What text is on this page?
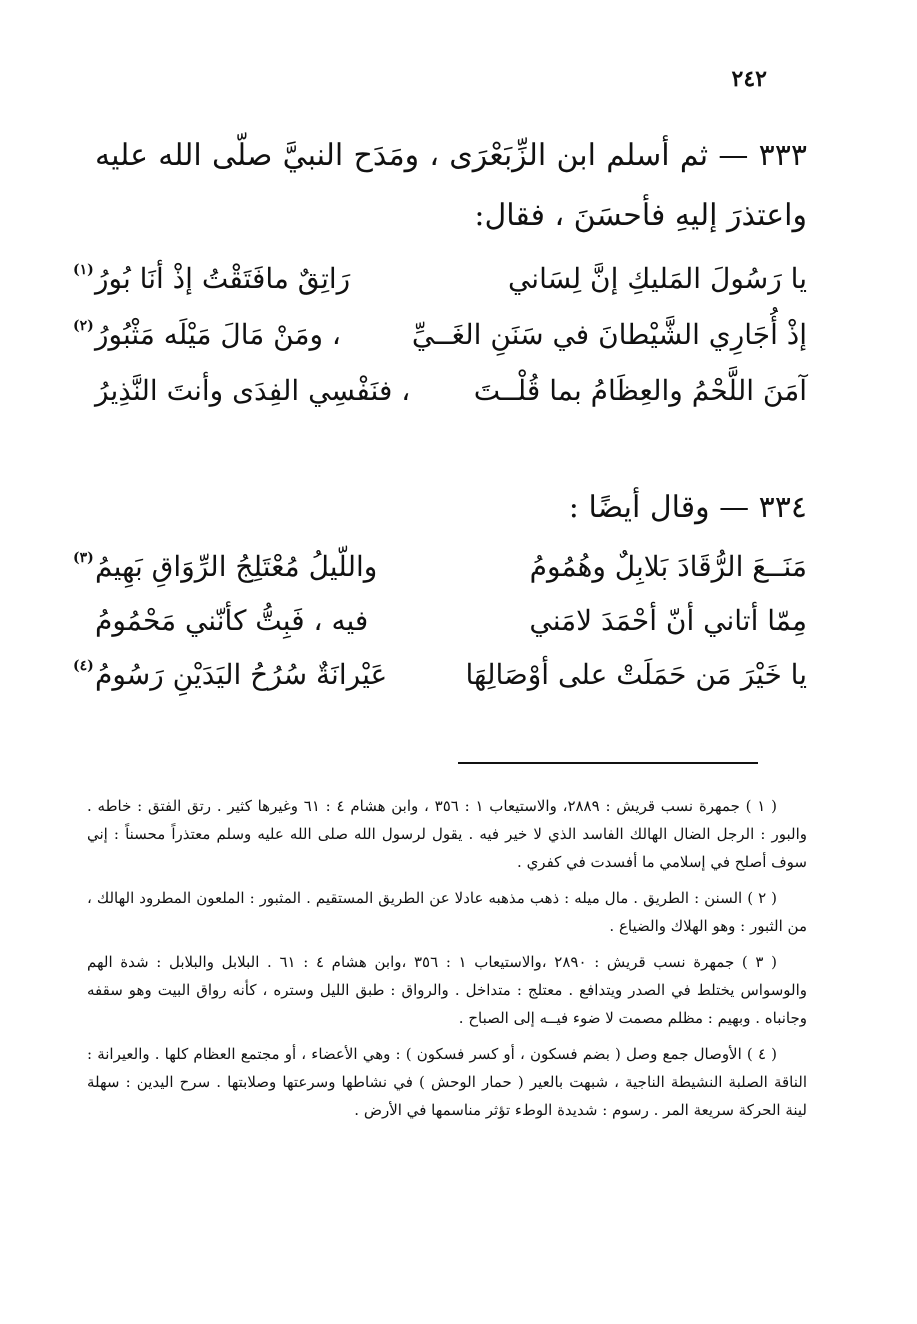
٢٤٢
٣٣٣ — ثم أسلم ابن الزِّبَعْرَى ، ومَدَح النبيَّ صلّى الله عليه واعتذرَ إليهِ فأحسَنَ ، فقال:
يا رَسُولَ المَليكِ إنَّ لِسَاني
رَاتِقٌ مافَتَقْتُ إذْ أنَا بُورُ
(١)
إذْ أُجَارِي الشَّيْطانَ في سَنَنِ الغَــيِّ
، ومَنْ مَالَ مَيْلَه مَثْبُورُ
(٢)
آمَنَ اللَّحْمُ والعِظَامُ بما قُلْــتَ
، فنَفْسِي الفِدَى وأنتَ النَّذِيرُ
٣٣٤ — وقال أيضًا :
مَنَــعَ الرُّقَادَ بَلابِلٌ وهُمُومُ
واللّيلُ مُعْتَلِجُ الرِّوَاقِ بَهِيمُ
(٣)
مِمّا أتاني أنّ أحْمَدَ لامَني
فيه ، فَبِتُّ كأنّني مَحْمُومُ
يا خَيْرَ مَن حَمَلَتْ على أوْصَالِهَا
عَيْرانَةٌ سُرُحُ اليَدَيْنِ رَسُومُ
(٤)

( ١ ) جمهرة نسب قريش : ٢٨٨٩، والاستيعاب ١ : ٣٥٦ ، وابن هشام ٤ : ٦١ وغيرها كثير . رتق الفتق : خاطه . والبور : الرجل الضال الهالك الفاسد الذي لا خير فيه . يقول لرسول الله صلى الله عليه وسلم معتذراً محسناً : إني سوف أصلح في إسلامي ما أفسدت في كفري .

( ٢ ) السنن : الطريق . مال ميله : ذهب مذهبه عادلا عن الطريق المستقيم . المثبور : الملعون المطرود الهالك ، من الثبور : وهو الهلاك والضياع .

( ٣ ) جمهرة نسب قريش : ٢٨٩٠ ،والاستيعاب ١ : ٣٥٦ ،وابن هشام ٤ : ٦١ . البلابل والبلابل : شدة الهم والوسواس يختلط في الصدر ويتدافع . معتلج : متداخل . والرواق : طبق الليل وستره ، كأنه رواق البيت وهو سقفه وجانباه . وبهيم : مظلم مصمت لا ضوء فيــه إلى الصباح .

( ٤ ) الأوصال جمع وصل ( بضم فسكون ، أو كسر فسكون ) : وهي الأعضاء ، أو مجتمع العظام كلها . والعيرانة : الناقة الصلبة النشيطة الناجية ، شبهت بالعير ( حمار الوحش ) في نشاطها وسرعتها وصلابتها . سرح اليدين : سهلة لينة الحركة سريعة المر . رسوم : شديدة الوطء تؤثر مناسمها في الأرض .
